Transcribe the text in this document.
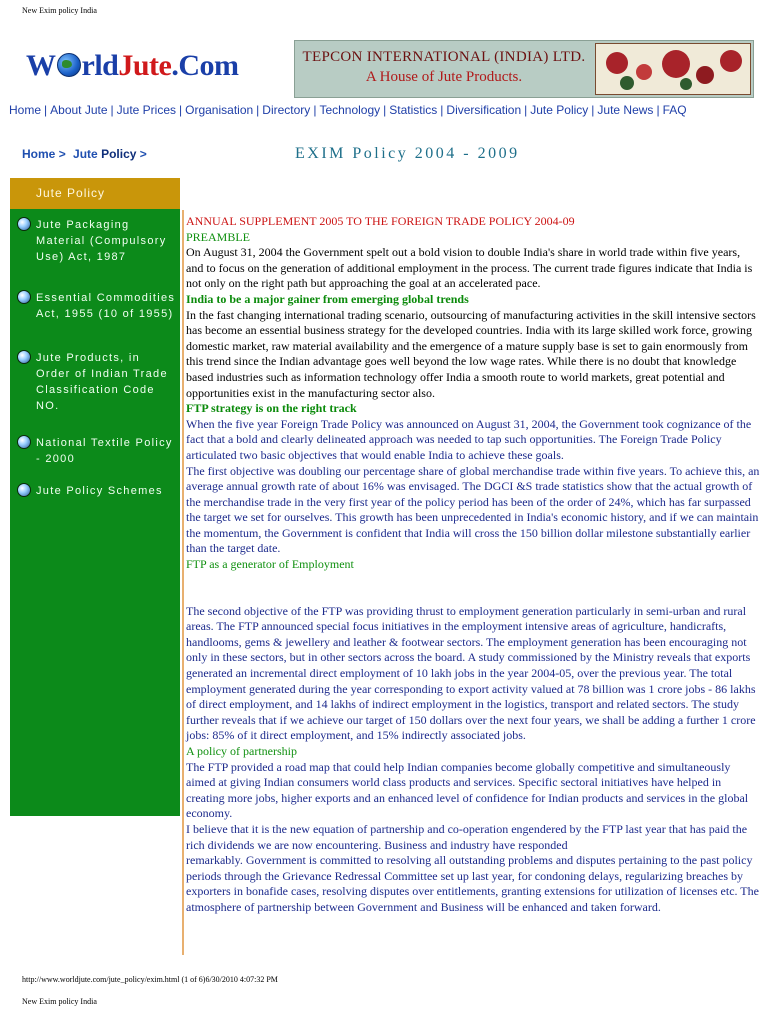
New Exim policy India
W rldJute.Com	TEPCON INTERNATIONAL (INDIA) LTD.
A House of Jute Products.
Home | About Jute | Jute Prices | Organisation | Directory | Technology | Statistics | Diversification | Jute Policy | Jute News | FAQ
Home > Jute Policy >	EXIM Policy 2004 - 2009
Jute Policy
Jute Packaging Material (Compulsory Use) Act, 1987
Essential Commodities Act, 1955 (10 of 1955)
Jute Products, in Order of Indian Trade Classification Code NO.
National Textile Policy - 2000
Jute Policy Schemes

ANNUAL SUPPLEMENT 2005 TO THE FOREIGN TRADE POLICY 2004-09

PREAMBLE

On August 31, 2004 the Government spelt out a bold vision to double India's share in world trade within five years, and to focus on the generation of additional employment in the process. The current trade figures indicate that India is not only on the right path but approaching the goal at an accelerated pace.

India to be a major gainer from emerging global trends

In the fast changing international trading scenario, outsourcing of manufacturing activities in the skill intensive sectors has become an essential business strategy for the developed countries. India with its large skilled work force, growing domestic market, raw material availability and the emergence of a mature supply base is set to gain enormously from this trend since the Indian advantage goes well beyond the low wage rates. While there is no doubt that knowledge based industries such as information technology offer India a smooth route to world markets, great potential and opportunities exist in the manufacturing sector also.

FTP strategy is on the right track

When the five year Foreign Trade Policy was announced on August 31, 2004, the Government took cognizance of the fact that a bold and clearly delineated approach was needed to tap such opportunities. The Foreign Trade Policy articulated two basic objectives that would enable India to achieve these goals.

The first objective was doubling our percentage share of global merchandise trade within five years. To achieve this, an average annual growth rate of about 16% was envisaged. The DGCI &S trade statistics show that the actual growth of the merchandise trade in the very first year of the policy period has been of the order of 24%, which has far surpassed the target we set for ourselves. This growth has been unprecedented in India's economic history, and if we can maintain the momentum, the Government is confident that India will cross the 150 billion dollar milestone substantially earlier than the target date.

FTP as a generator of Employment

The second objective of the FTP was providing thrust to employment generation particularly in semi-urban and rural areas. The FTP announced special focus initiatives in the employment intensive areas of agriculture, handicrafts, handlooms, gems & jewellery and leather & footwear sectors. The employment generation has been encouraging not only in these sectors, but in other sectors across the board. A study commissioned by the Ministry reveals that exports generated an incremental direct employment of 10 lakh jobs in the year 2004-05, over the previous year. The total employment generated during the year corresponding to export activity valued at 78 billion was 1 crore jobs - 86 lakhs of direct employment, and 14 lakhs of indirect employment in the logistics, transport and related sectors. The study further reveals that if we achieve our target of 150 dollars over the next four years, we shall be adding a further 1 crore jobs: 85% of it direct employment, and 15% indirectly associated jobs.

A policy of partnership

The FTP provided a road map that could help Indian companies become globally competitive and simultaneously aimed at giving Indian consumers world class products and services. Specific sectoral initiatives have helped in creating more jobs, higher exports and an enhanced level of confidence for Indian products and services in the global economy.

I believe that it is the new equation of partnership and co-operation engendered by the FTP last year that has paid the rich dividends we are now encountering. Business and industry have responded

remarkably. Government is committed to resolving all outstanding problems and disputes pertaining to the past policy periods through the Grievance Redressal Committee set up last year, for condoning delays, regularizing breaches by exporters in bonafide cases, resolving disputes over entitlements, granting extensions for utilization of licenses etc. The atmosphere of partnership between Government and Business will be enhanced and taken forward.

http://www.worldjute.com/jute_policy/exim.html (1 of 6)6/30/2010 4:07:32 PM
New Exim policy India
